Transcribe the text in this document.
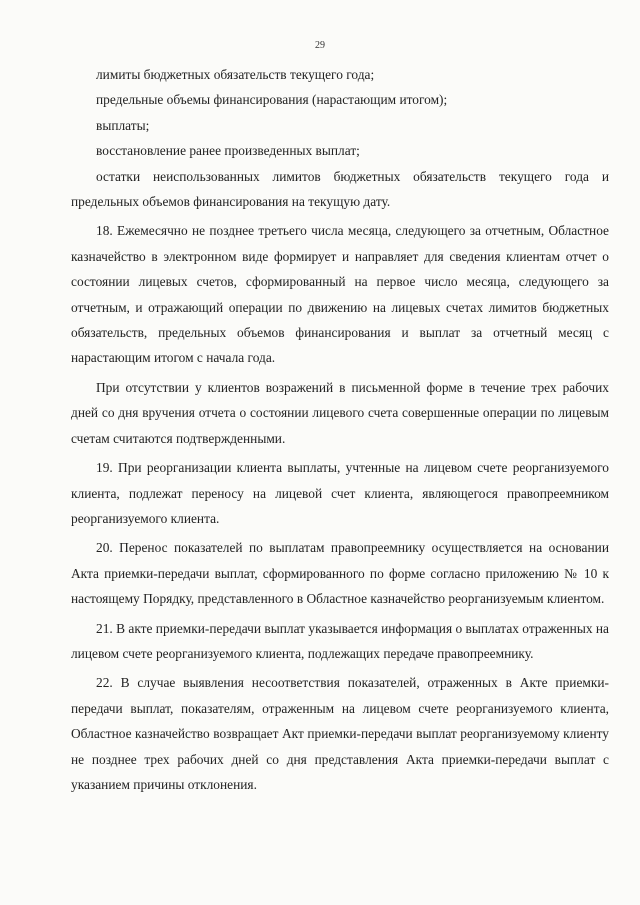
29
лимиты бюджетных обязательств текущего года;
предельные объемы финансирования (нарастающим итогом);
выплаты;
восстановление ранее произведенных выплат;

остатки неиспользованных лимитов бюджетных обязательств текущего года и предельных объемов финансирования на текущую дату.

18. Ежемесячно не позднее третьего числа месяца, следующего за отчетным, Областное казначейство в электронном виде формирует и направляет для сведения клиентам отчет о состоянии лицевых счетов, сформированный на первое число месяца, следующего за отчетным, и отражающий операции по движению на лицевых счетах лимитов бюджетных обязательств, предельных объемов финансирования и выплат за отчетный месяц с нарастающим итогом с начала года.

При отсутствии у клиентов возражений в письменной форме в течение трех рабочих дней со дня вручения отчета о состоянии лицевого счета совершенные операции по лицевым счетам считаются подтвержденными.

19. При реорганизации клиента выплаты, учтенные на лицевом счете реорганизуемого клиента, подлежат переносу на лицевой счет клиента, являющегося правопреемником реорганизуемого клиента.

20. Перенос показателей по выплатам правопреемнику осуществляется на основании Акта приемки-передачи выплат, сформированного по форме согласно приложению № 10 к настоящему Порядку, представленного в Областное казначейство реорганизуемым клиентом.

21. В акте приемки-передачи выплат указывается информация о выплатах отраженных на лицевом счете реорганизуемого клиента, подлежащих передаче правопреемнику.

22. В случае выявления несоответствия показателей, отраженных в Акте приемки-передачи выплат, показателям, отраженным на лицевом счете реорганизуемого клиента, Областное казначейство возвращает Акт приемки-передачи выплат реорганизуемому клиенту не позднее трех рабочих дней со дня представления Акта приемки-передачи выплат с указанием причины отклонения.
